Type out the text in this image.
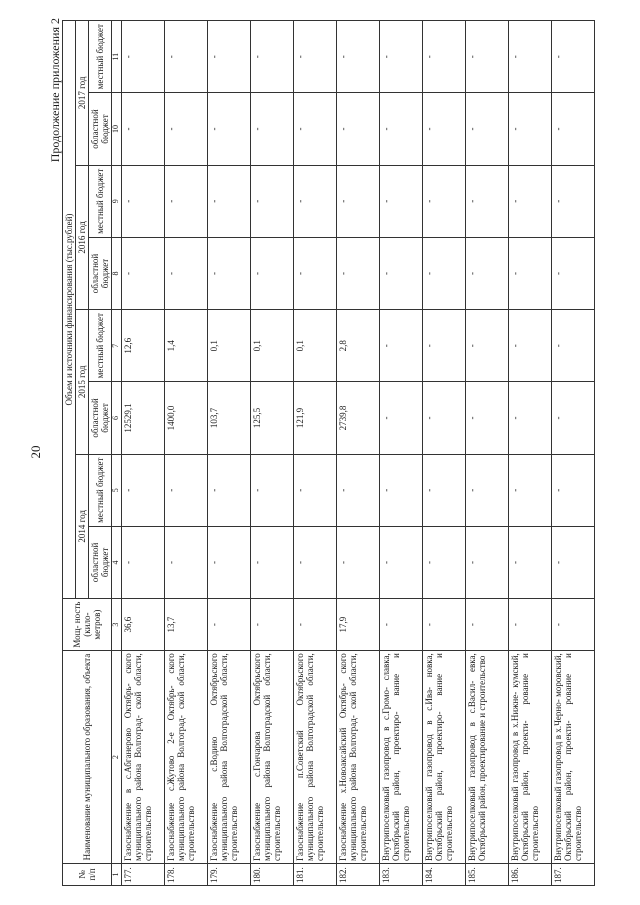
20
Продолжение приложения 2
№ п/п	Наименование муниципального образования, объекта	Мощ- ность (кило- метров)	Объем и источники финансирования (тыс.рублей)							
			2014 год		2015 год		2016 год		2017 год	
			областной бюджет	местный бюджет	областной бюджет	местный бюджет	областной бюджет	местный бюджет	областной бюджет	местный бюджет
1	2	3	4	5	6	7	8	9	10	11
177.	Газоснабжение в с.Абганерово Октябрь- ского муниципального района Волгоград- ской области, строительство	36,6	-	-	12529,1	12,6	-	-	-	-
178.	Газоснабжение с.Жутово 2-е Октябрь- ского муниципального района Волгоград- ской области, строительство	13,7	-	-	1400,0	1,4	-	-	-	-
179.	Газоснабжение с.Водино Октябрьского муниципального района Волгоградской области, строительство	-	-	-	103,7	0,1	-	-	-	-
180.	Газоснабжение с.Гончарова Октябрьского муниципального района Волгоградской области, строительство	-	-	-	125,5	0,1	-	-	-	-
181.	Газоснабжение п.Советский Октябрьского муниципального района Волгоградской области, строительство	-	-	-	121,9	0,1	-	-	-	-
182.	Газоснабжение х.Новоаксайский Октябрь- ского муниципального района Волгоград- ской области, строительство	17,9	-	-	2739,8	2,8	-	-	-	-
183.	Внутрипоселковый газопровод в с.Громо- славка, Октябрьский район, проектиро- вание и строительство	-	-	-	-	-	-	-	-	-
184.	Внутрипоселковый газопровод в с.Ива- новка, Октябрьский район, проектиро- вание и строительство	-	-	-	-	-	-	-	-	-
185.	Внутрипоселковый газопровод в с.Васил- евка, Октябрьский район, проектирование и строительство	-	-	-	-	-	-	-	-	-
186.	Внутрипоселковый газопровод в х.Нижне- кумский, Октябрьский район, проекти- рование и строительство	-	-	-	-	-	-	-	-	-
187.	Внутрипоселковый газопровод в х.Черно- моровский, Октябрьский район, проекти- рование и строительство	-	-	-	-	-	-	-	-	-
